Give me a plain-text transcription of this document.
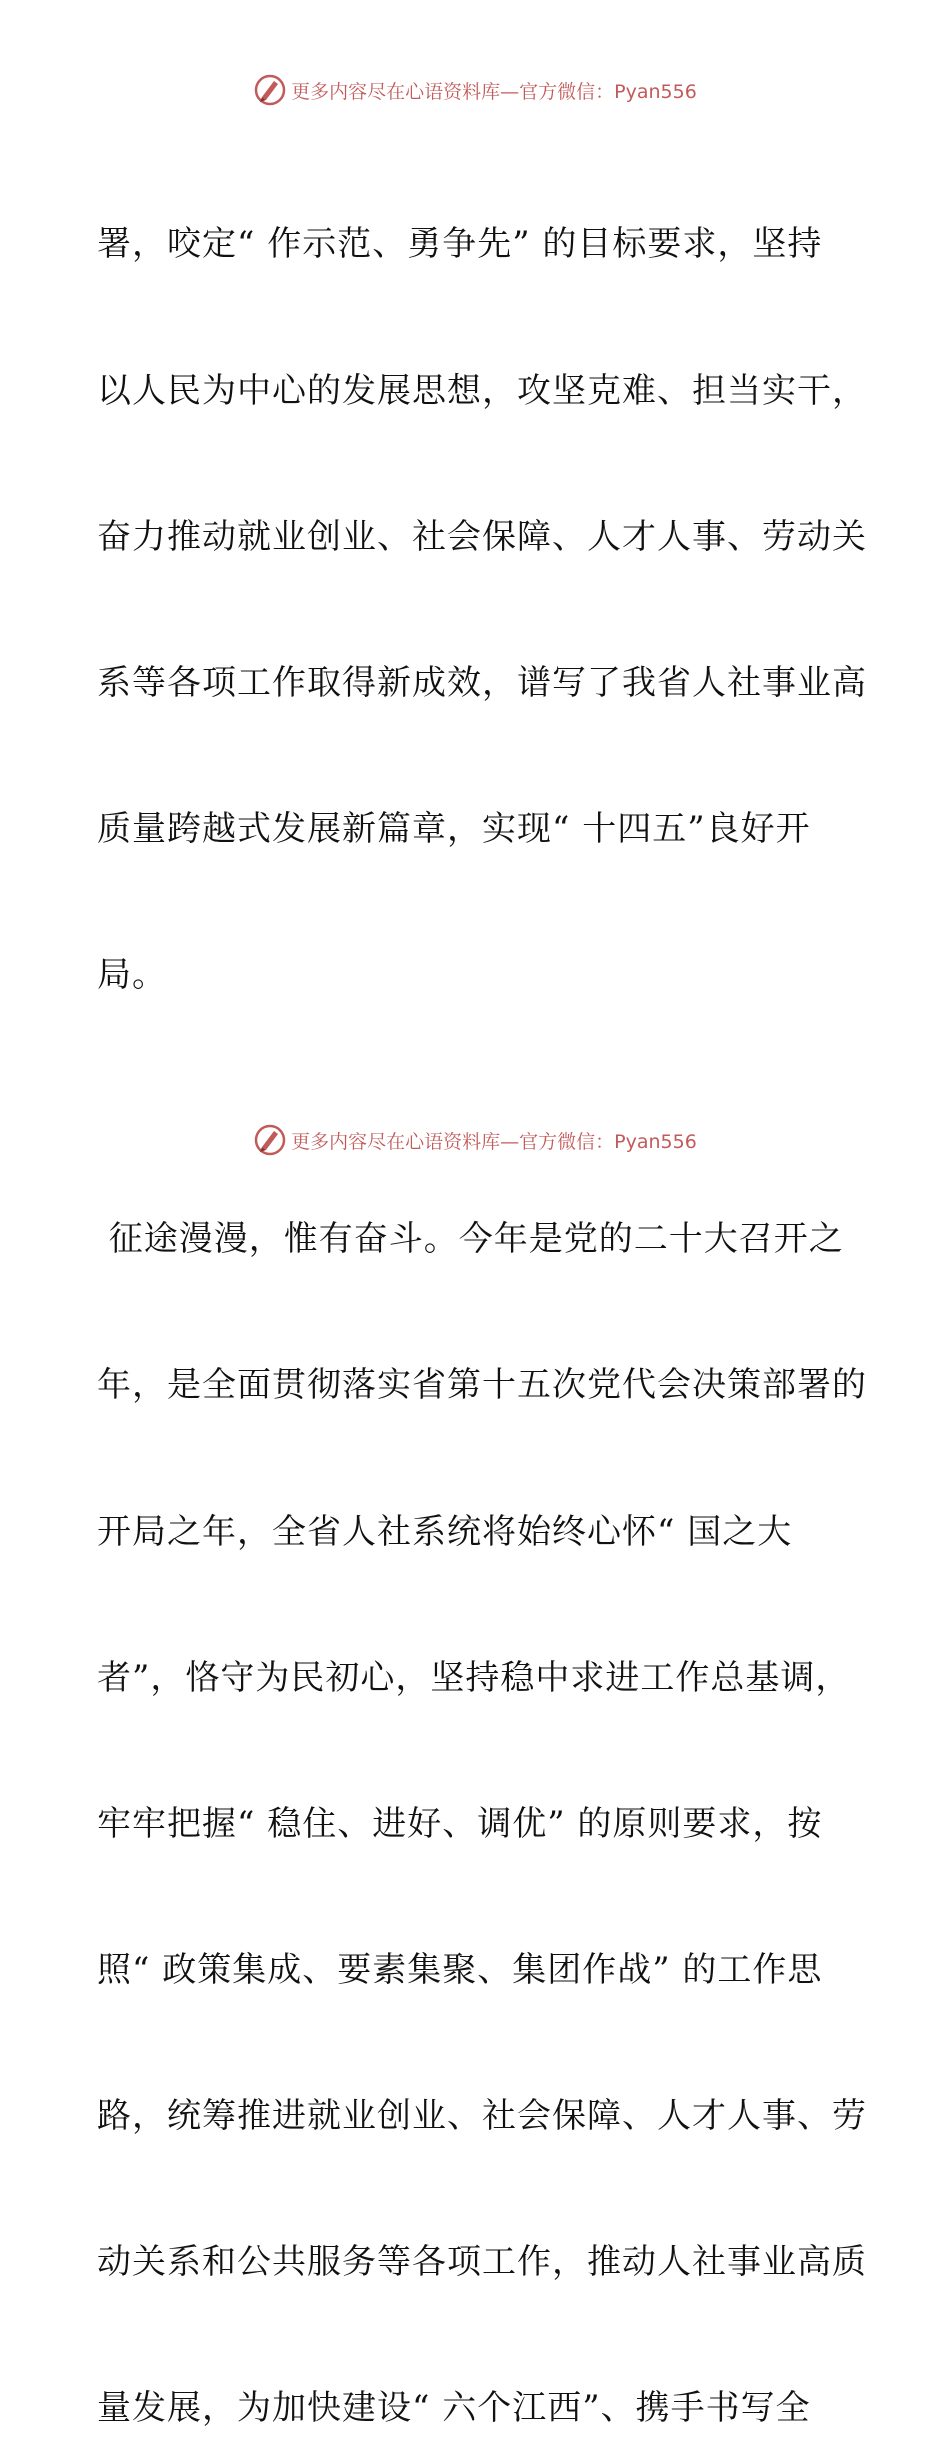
更多内容尽在心语资料库— 官方微信：Pyan556

署，咬定“ 作示范、勇争先” 的目标要求，坚持

以人民为中心的发展思想，攻坚克难、担当实干，

奋力推动就业创业、社会保障、人才人事、劳动关

系等各项工作取得新成效，谱写了我省人社事业高

质量跨越式发展新篇章，实现“ 十四五”良好开

局。

征途漫漫，惟有奋斗。今年是党的二十大召开之

年，是全面贯彻落实省第十五次党代会决策部署的

开局之年，全省人社系统将始终心怀“ 国之大

者”，恪守为民初心，坚持稳中求进工作总基调，

牢牢把握“ 稳住、进好、调优” 的原则要求，按

照“ 政策集成、要素集聚、集团作战” 的工作思

路，统筹推进就业创业、社会保障、人才人事、劳

动关系和公共服务等各项工作，推动人社事业高质

量发展，为加快建设“ 六个江西”、携手书写全

更多内容尽在心语资料库— 官方微信：Pyan556
